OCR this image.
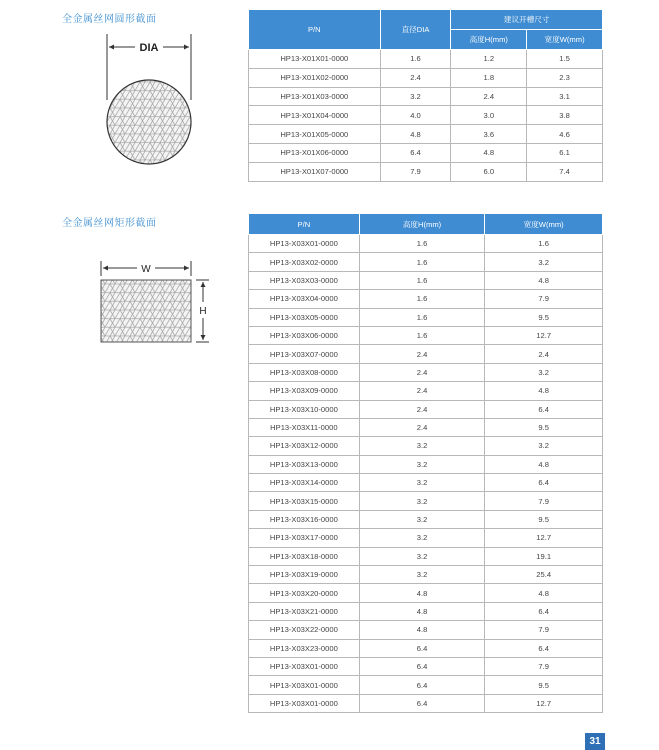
全金属丝网圆形截面
DIA
P/N	直径DIA	建议开槽尺寸	
		高度H(mm)	宽度W(mm)
HP13-X01X01-0000	1.6	1.2	1.5
HP13-X01X02-0000	2.4	1.8	2.3
HP13-X01X03-0000	3.2	2.4	3.1
HP13-X01X04-0000	4.0	3.0	3.8
HP13-X01X05-0000	4.8	3.6	4.6
HP13-X01X06-0000	6.4	4.8	6.1
HP13-X01X07-0000	7.9	6.0	7.4
全金属丝网矩形截面
W
H
P/N	高度H(mm)	宽度W(mm)
HP13-X03X01-0000	1.6	1.6
HP13-X03X02-0000	1.6	3.2
HP13-X03X03-0000	1.6	4.8
HP13-X03X04-0000	1.6	7.9
HP13-X03X05-0000	1.6	9.5
HP13-X03X06-0000	1.6	12.7
HP13-X03X07-0000	2.4	2.4
HP13-X03X08-0000	2.4	3.2
HP13-X03X09-0000	2.4	4.8
HP13-X03X10-0000	2.4	6.4
HP13-X03X11-0000	2.4	9.5
HP13-X03X12-0000	3.2	3.2
HP13-X03X13-0000	3.2	4.8
HP13-X03X14-0000	3.2	6.4
HP13-X03X15-0000	3.2	7.9
HP13-X03X16-0000	3.2	9.5
HP13-X03X17-0000	3.2	12.7
HP13-X03X18-0000	3.2	19.1
HP13-X03X19-0000	3.2	25.4
HP13-X03X20-0000	4.8	4.8
HP13-X03X21-0000	4.8	6.4
HP13-X03X22-0000	4.8	7.9
HP13-X03X23-0000	6.4	6.4
HP13-X03X01-0000	6.4	7.9
HP13-X03X01-0000	6.4	9.5
HP13-X03X01-0000	6.4	12.7
31
